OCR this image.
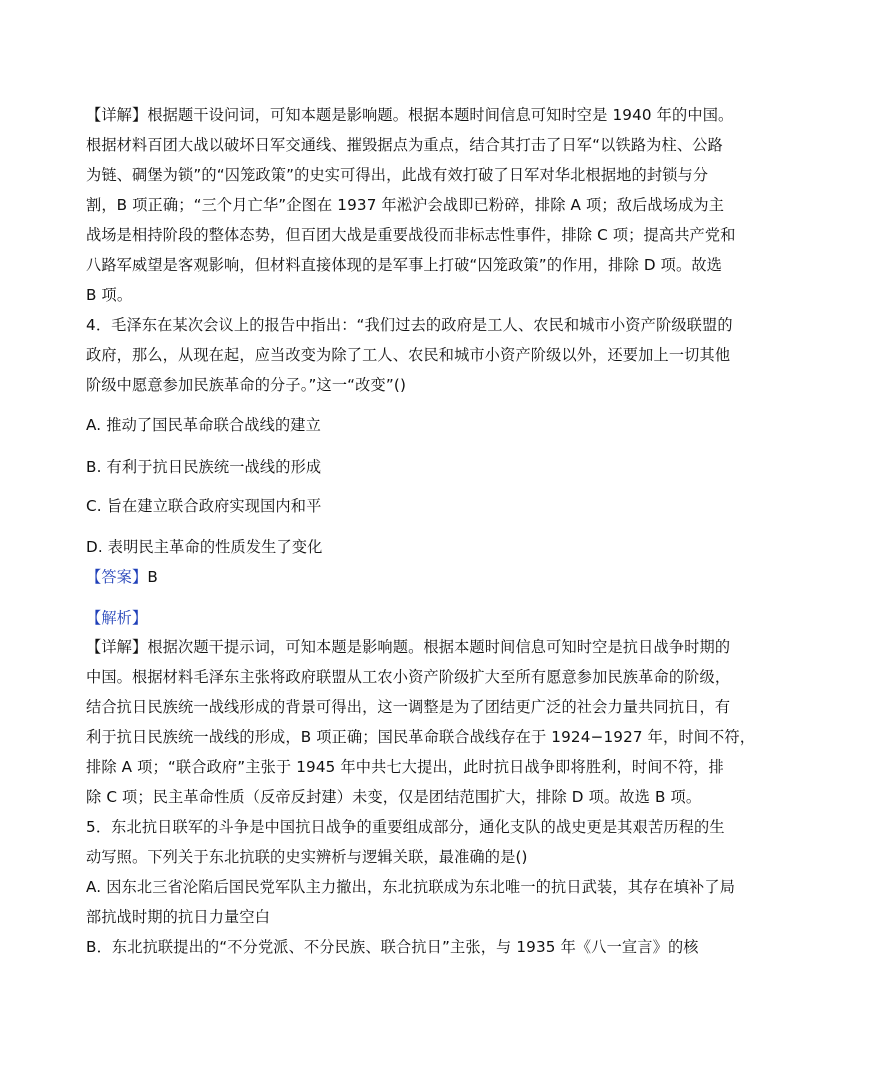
【详解】根据题干设问词，可知本题是影响题。根据本题时间信息可知时空是 1940 年的中国。
根据材料百团大战以破坏日军交通线、摧毁据点为重点，结合其打击了日军“以铁路为柱、公路
为链、碉堡为锁”的“囚笼政策”的史实可得出，此战有效打破了日军对华北根据地的封锁与分
割，B 项正确；“三个月亡华”企图在 1937 年淞沪会战即已粉碎，排除 A 项；敌后战场成为主
战场是相持阶段的整体态势，但百团大战是重要战役而非标志性事件，排除 C 项；提高共产党和
八路军威望是客观影响，但材料直接体现的是军事上打破“囚笼政策”的作用，排除 D 项。故选
B 项。
4．毛泽东在某次会议上的报告中指出：“我们过去的政府是工人、农民和城市小资产阶级联盟的
政府，那么，从现在起，应当改变为除了工人、农民和城市小资产阶级以外，还要加上一切其他
阶级中愿意参加民族革命的分子。”这一“改变”()
A. 推动了国民革命联合战线的建立
B. 有利于抗日民族统一战线的形成
C. 旨在建立联合政府实现国内和平
D. 表明民主革命的性质发生了变化
【答案】B
【解析】
【详解】根据次题干提示词，可知本题是影响题。根据本题时间信息可知时空是抗日战争时期的
中国。根据材料毛泽东主张将政府联盟从工农小资产阶级扩大至所有愿意参加民族革命的阶级，
结合抗日民族统一战线形成的背景可得出，这一调整是为了团结更广泛的社会力量共同抗日，有
利于抗日民族统一战线的形成，B 项正确；国民革命联合战线存在于 1924−1927 年，时间不符，
排除 A 项；“联合政府”主张于 1945 年中共七大提出，此时抗日战争即将胜利，时间不符，排
除 C 项；民主革命性质（反帝反封建）未变，仅是团结范围扩大，排除 D 项。故选 B 项。
5．东北抗日联军的斗争是中国抗日战争的重要组成部分，通化支队的战史更是其艰苦历程的生
动写照。下列关于东北抗联的史实辨析与逻辑关联，最准确的是()
A. 因东北三省沦陷后国民党军队主力撤出，东北抗联成为东北唯一的抗日武装，其存在填补了局
部抗战时期的抗日力量空白
B．东北抗联提出的“不分党派、不分民族、联合抗日”主张，与 1935 年《八一宣言》的核
